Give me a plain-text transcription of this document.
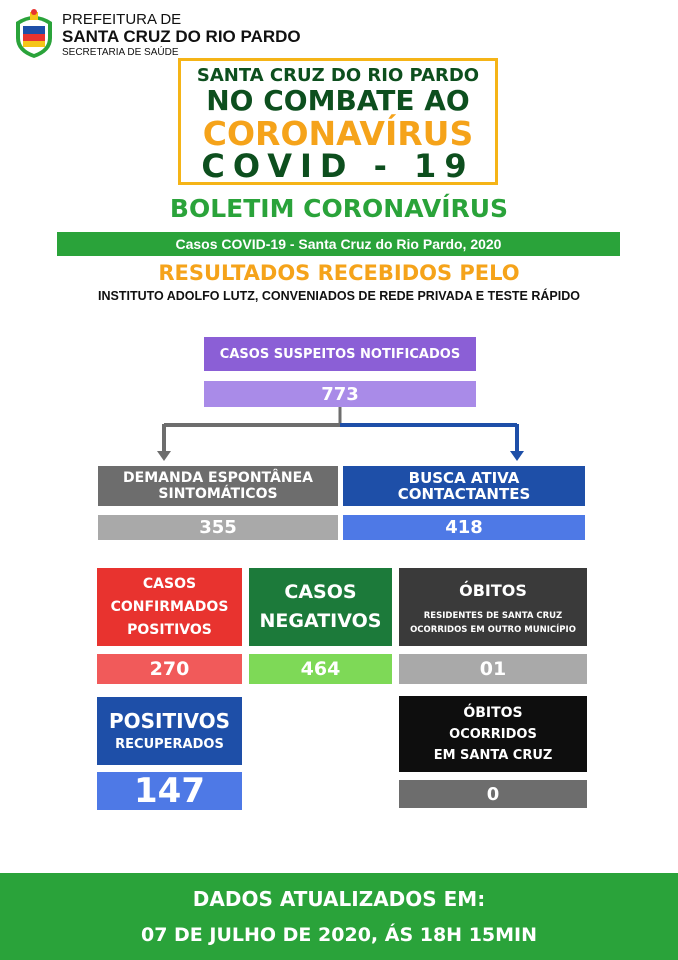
PREFEITURA DE
SANTA CRUZ DO RIO PARDO
SECRETARIA DE SAÚDE
SANTA CRUZ DO RIO PARDO
NO COMBATE AO
CORONAVÍRUS
COVID - 19
BOLETIM CORONAVÍRUS
Casos COVID-19 - Santa Cruz do Rio Pardo, 2020
RESULTADOS RECEBIDOS PELO
INSTITUTO ADOLFO LUTZ, CONVENIADOS DE REDE PRIVADA E TESTE RÁPIDO
CASOS SUSPEITOS NOTIFICADOS
773
DEMANDA ESPONTÂNEA
SINTOMÁTICOS
355
BUSCA ATIVA
CONTACTANTES
418
CASOS
CONFIRMADOS
POSITIVOS
270
CASOS
NEGATIVOS
464
ÓBITOS
RESIDENTES DE SANTA CRUZ
OCORRIDOS EM OUTRO MUNICÍPIO
01
POSITIVOS
RECUPERADOS
147
ÓBITOS
OCORRIDOS
EM SANTA CRUZ
0
DADOS ATUALIZADOS EM:
07 DE JULHO DE 2020, ÁS 18H 15MIN
